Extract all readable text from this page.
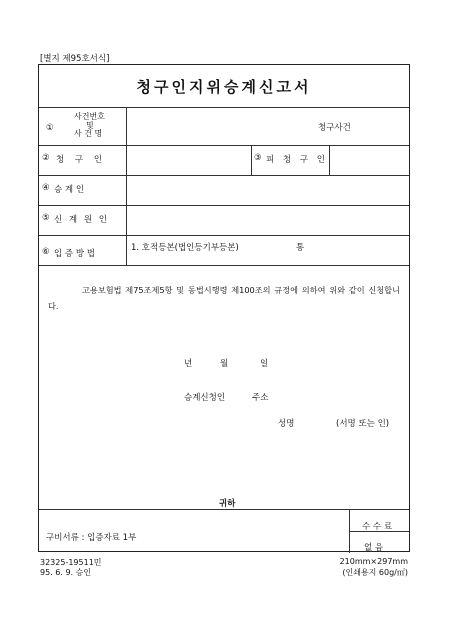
[별지 제95호서식]
청구인지위승계신고서
①
사건번호
및
사 건 명
청구사건
② 청 구 인	③ 피 청 구 인
④ 승 계 인
⑤ 신 계 원 인
⑥ 입 증 방 법
1. 호적등본(법인등기부등본)	통
고용보험법 제75조제5항 및 동법시행령 제100조의 규정에 의하여 위와 같이 신청합니다.
년	월	일
승계신청인	주소
성명	(서명 또는 인)
귀하
구비서류 : 입증자료 1부
수 수 료
없 음
32325-19511민
95. 6. 9. 승인
210mm×297mm
(인쇄용지 60g/㎡)
